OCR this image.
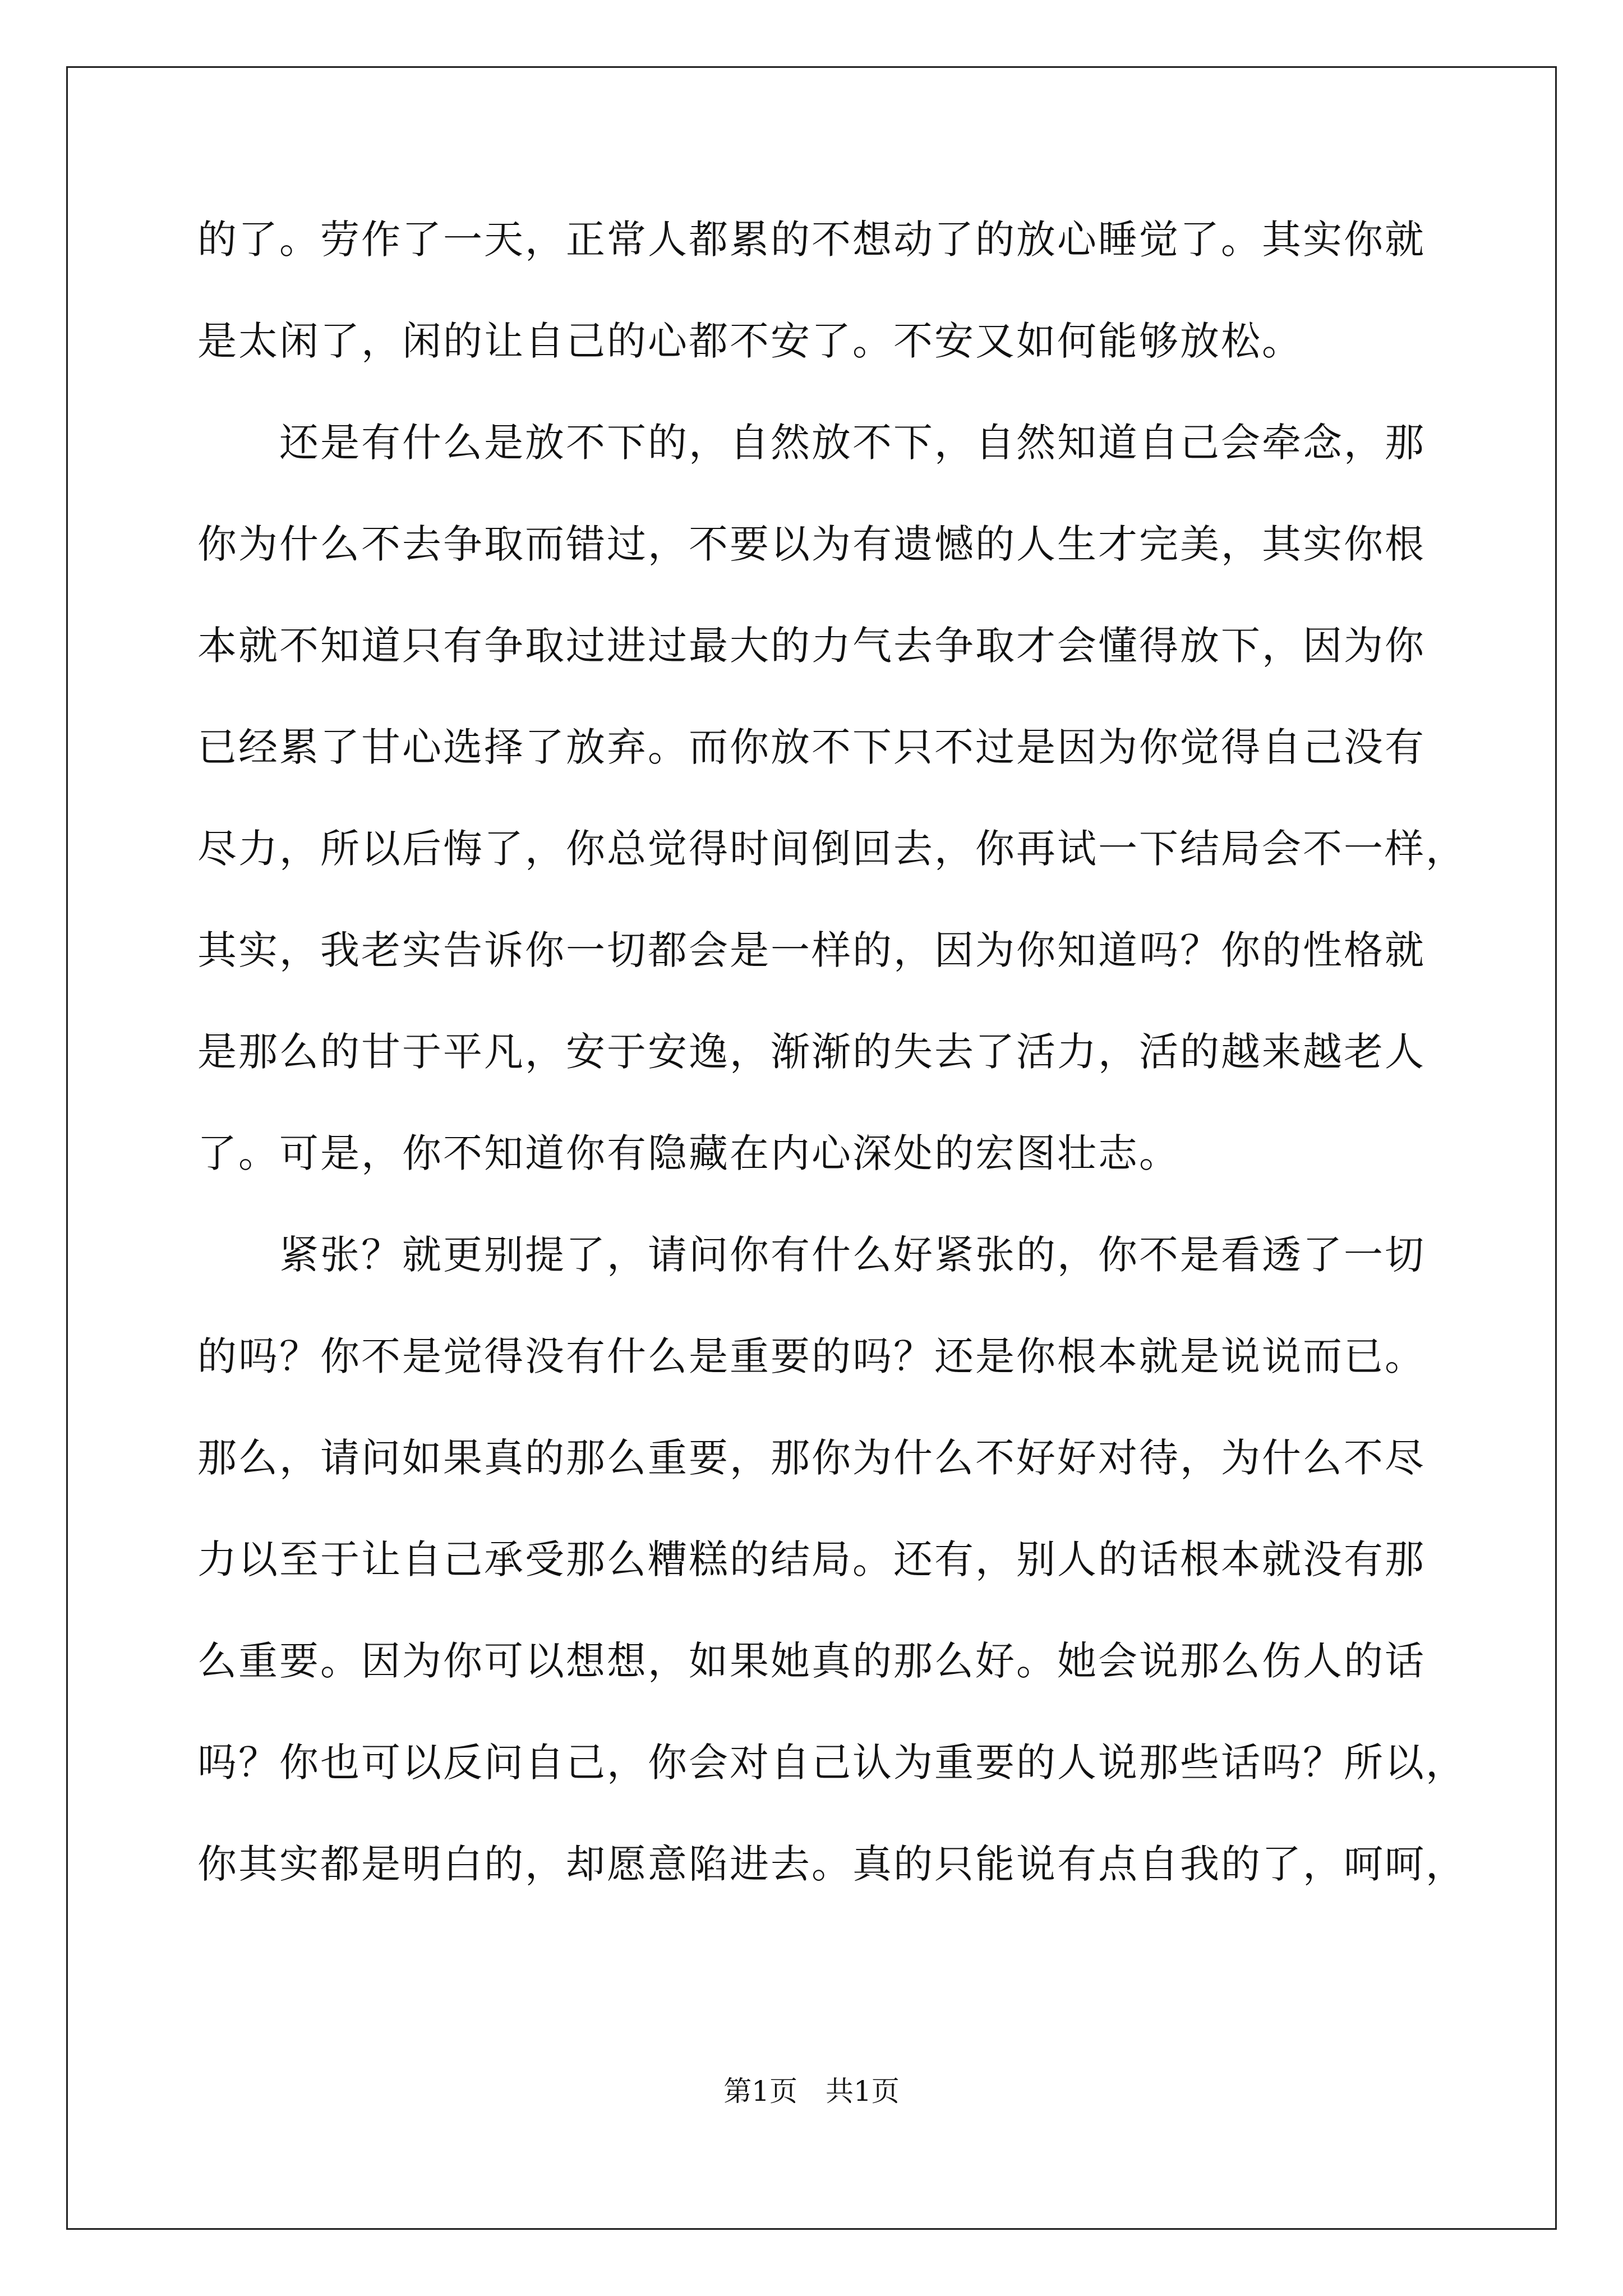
的了。劳作了一天，正常人都累的不想动了的放心睡觉了。其实你就
是太闲了，闲的让自己的心都不安了。不安又如何能够放松。
　　还是有什么是放不下的，自然放不下，自然知道自己会牵念，那
你为什么不去争取而错过，不要以为有遗憾的人生才完美，其实你根
本就不知道只有争取过进过最大的力气去争取才会懂得放下，因为你
已经累了甘心选择了放弃。而你放不下只不过是因为你觉得自己没有
尽力，所以后悔了，你总觉得时间倒回去，你再试一下结局会不一样，
其实，我老实告诉你一切都会是一样的，因为你知道吗？你的性格就
是那么的甘于平凡，安于安逸，渐渐的失去了活力，活的越来越老人
了。可是，你不知道你有隐藏在内心深处的宏图壮志。
　　紧张？就更别提了，请问你有什么好紧张的，你不是看透了一切
的吗？你不是觉得没有什么是重要的吗？还是你根本就是说说而已。
那么，请问如果真的那么重要，那你为什么不好好对待，为什么不尽
力以至于让自己承受那么糟糕的结局。还有，别人的话根本就没有那
么重要。因为你可以想想，如果她真的那么好。她会说那么伤人的话
吗？你也可以反问自己，你会对自己认为重要的人说那些话吗？所以，
你其实都是明白的，却愿意陷进去。真的只能说有点自我的了，呵呵，
第1页　共1页
